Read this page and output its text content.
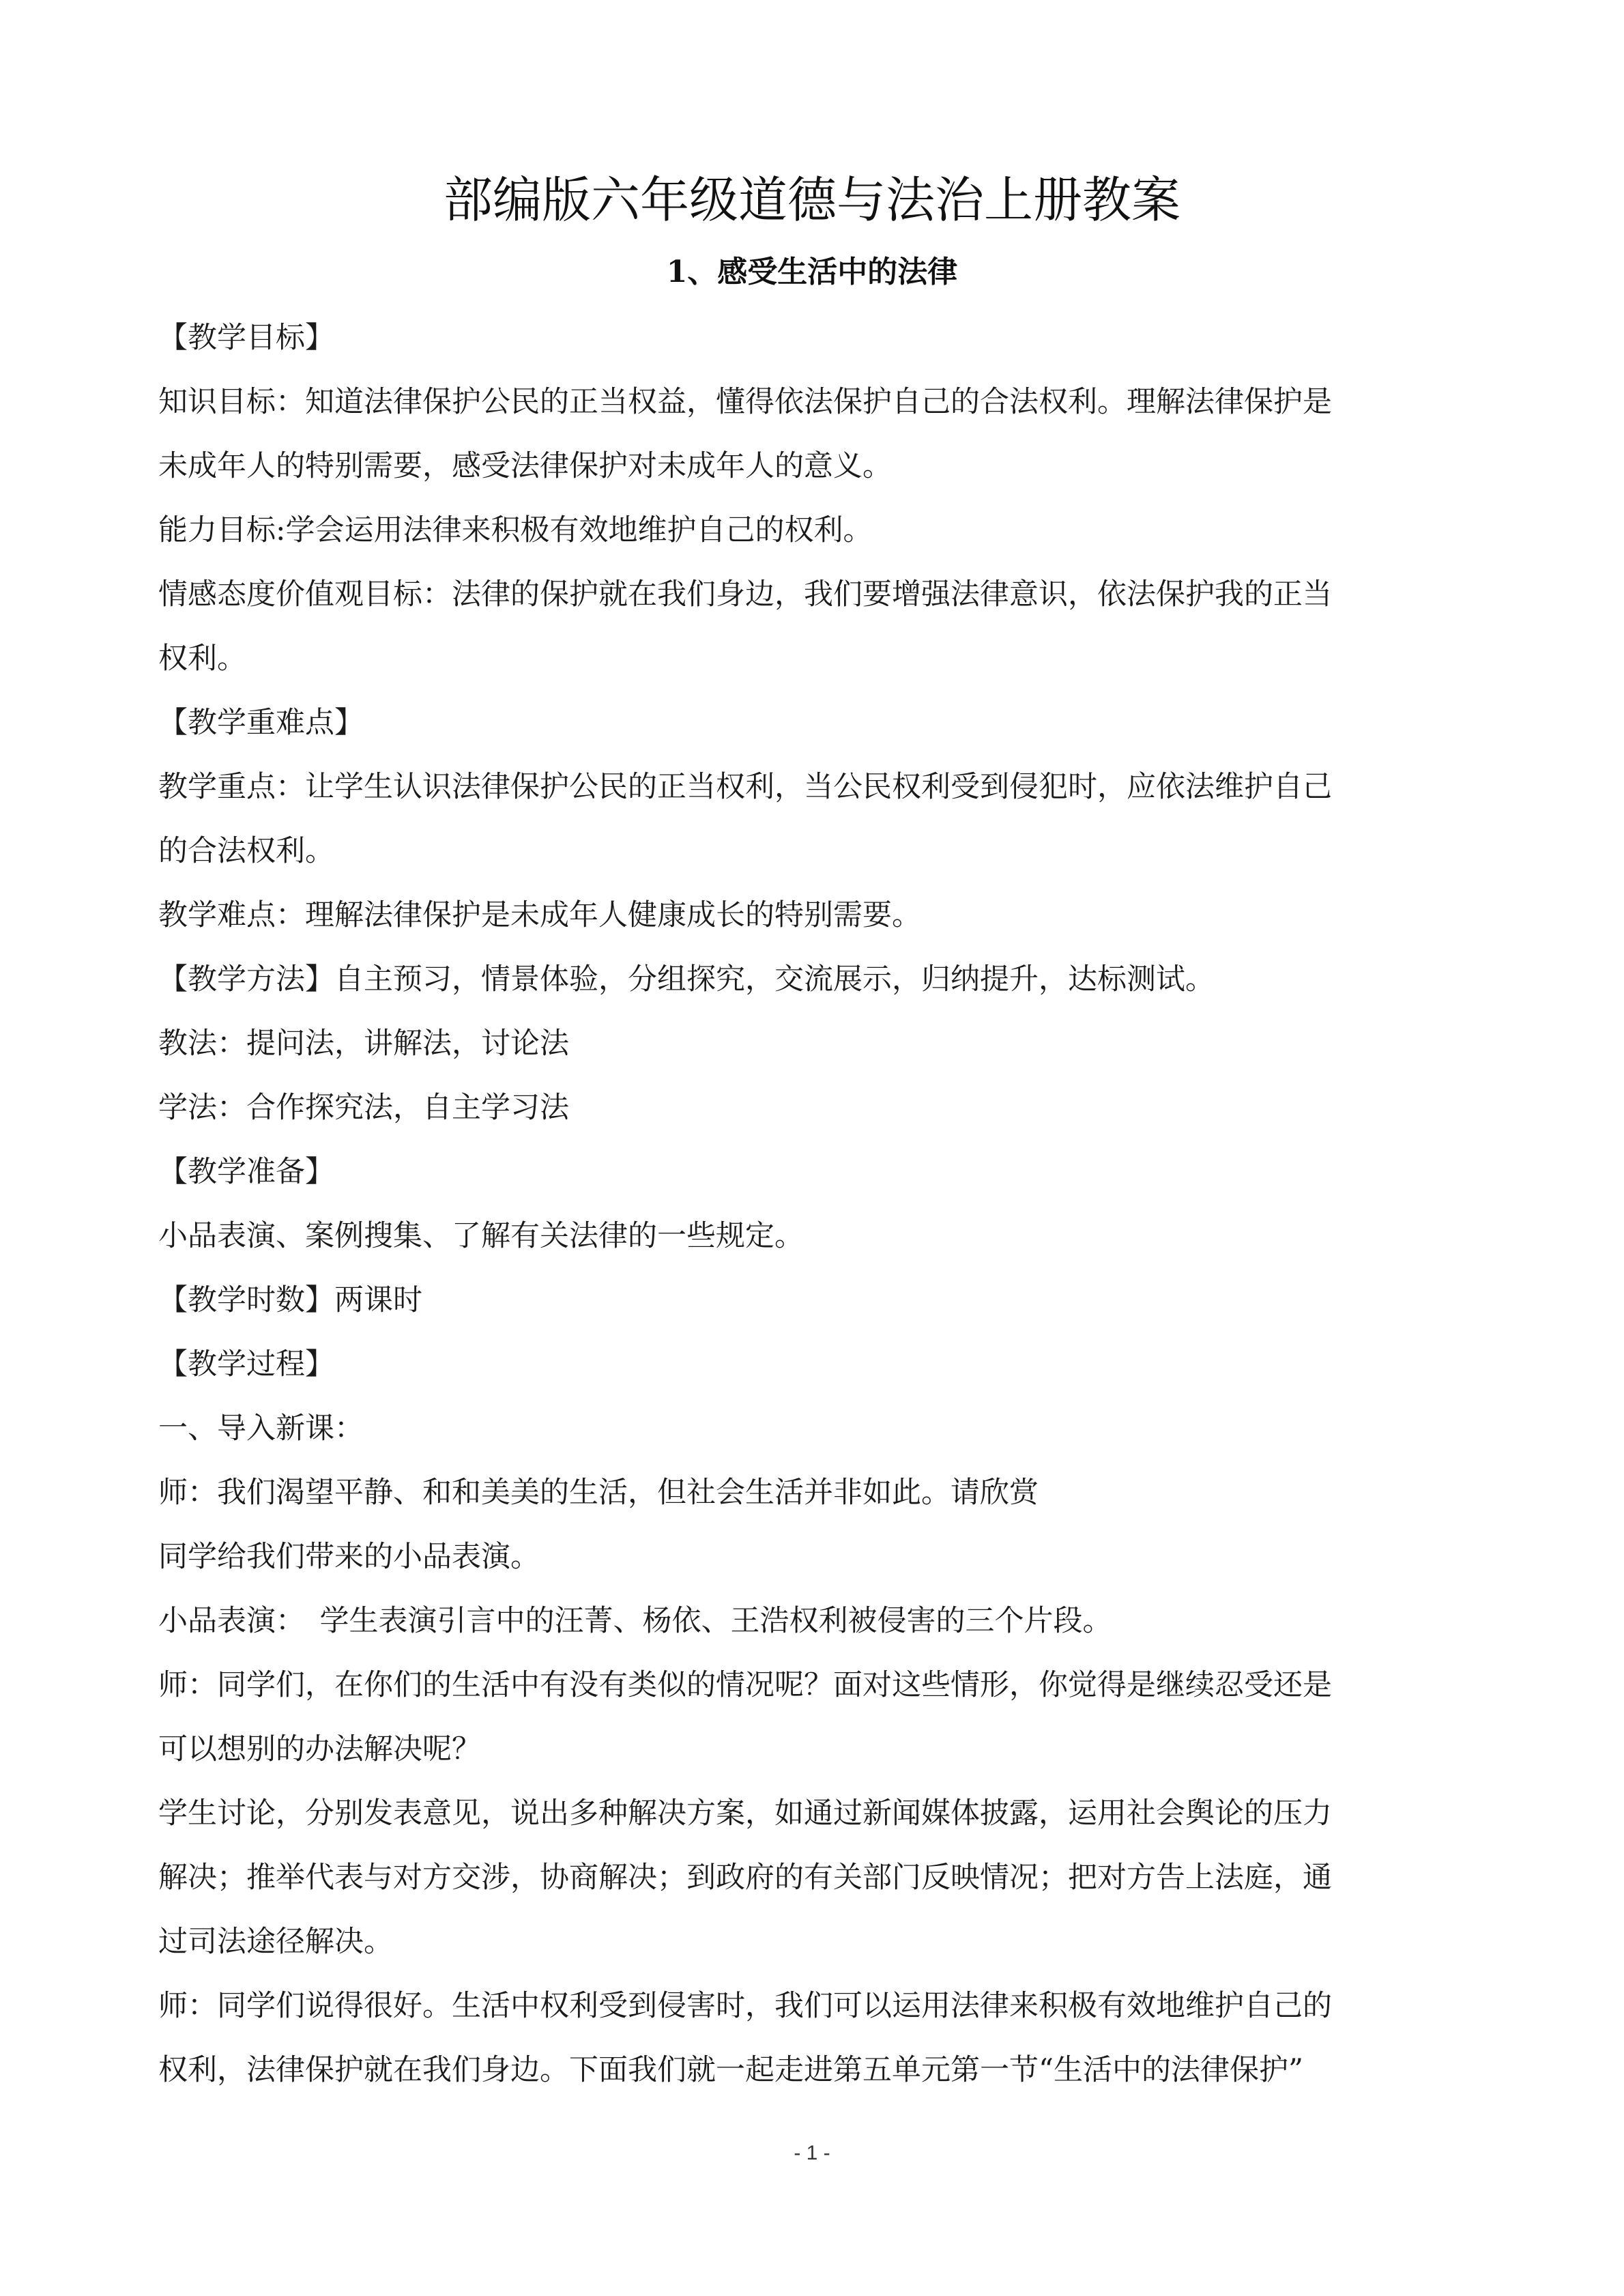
部编版六年级道德与法治上册教案
1、感受生活中的法律

【教学目标】

知识目标：知道法律保护公民的正当权益，懂得依法保护自己的合法权利。理解法律保护是

未成年人的特别需要，感受法律保护对未成年人的意义。

能力目标:学会运用法律来积极有效地维护自己的权利。

情感态度价值观目标：法律的保护就在我们身边，我们要增强法律意识，依法保护我的正当

权利。

【教学重难点】

教学重点：让学生认识法律保护公民的正当权利，当公民权利受到侵犯时，应依法维护自己

的合法权利。

教学难点：理解法律保护是未成年人健康成长的特别需要。

【教学方法】自主预习，情景体验，分组探究，交流展示，归纳提升，达标测试。

教法：提问法，讲解法，讨论法

学法：合作探究法，自主学习法

【教学准备】

小品表演、案例搜集、了解有关法律的一些规定。

【教学时数】两课时

【教学过程】

一、导入新课：

师：我们渴望平静、和和美美的生活，但社会生活并非如此。请欣赏

同学给我们带来的小品表演。

小品表演：　学生表演引言中的汪菁、杨依、王浩权利被侵害的三个片段。

师：同学们，在你们的生活中有没有类似的情况呢？面对这些情形，你觉得是继续忍受还是

可以想别的办法解决呢？

学生讨论，分别发表意见，说出多种解决方案，如通过新闻媒体披露，运用社会舆论的压力

解决；推举代表与对方交涉，协商解决；到政府的有关部门反映情况；把对方告上法庭，通

过司法途径解决。

师：同学们说得很好。生活中权利受到侵害时，我们可以运用法律来积极有效地维护自己的

权利，法律保护就在我们身边。下面我们就一起走进第五单元第一节“生活中的法律保护”

- 1 -
